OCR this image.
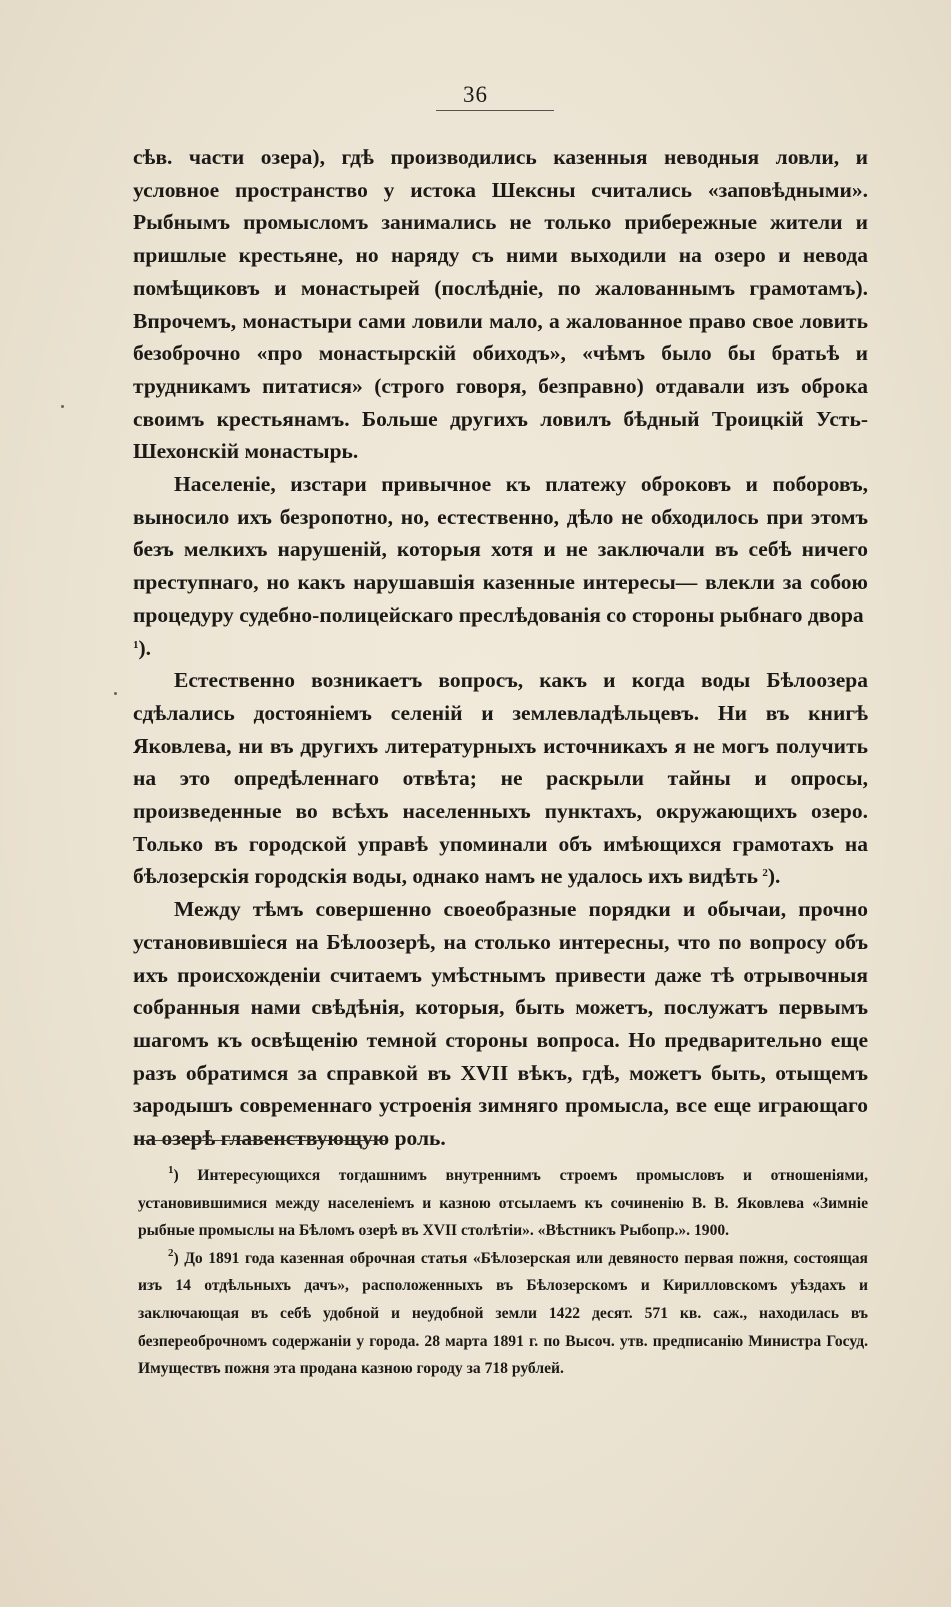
36

сѣв. части озера), гдѣ производились казенныя неводныя ловли, и условное пространство у истока Шексны считались «заповѣдными». Рыбнымъ промысломъ занимались не только прибережные жители и пришлые крестьяне, но наряду съ ними выходили на озеро и невода помѣщиковъ и монастырей (послѣдніе, по жалованнымъ грамотамъ). Впрочемъ, монастыри сами ловили мало, а жалованное право свое ловить безоброчно «про монастырскій обиходъ», «чѣмъ было бы братьѣ и трудникамъ питатися» (строго говоря, безправно) отдавали изъ оброка своимъ крестьянамъ. Больше другихъ ловилъ бѣдный Троицкій Усть-Шехонскій монастырь.

Населеніе, изстари привычное къ платежу оброковъ и поборовъ, выносило ихъ безропотно, но, естественно, дѣло не обходилось при этомъ безъ мелкихъ нарушеній, которыя хотя и не заключали въ себѣ ничего преступнаго, но какъ нарушавшія казенные интересы— влекли за собою процедуру судебно-полицейскаго преслѣдованія со стороны рыбнаго двора $^1$).

Естественно возникаетъ вопросъ, какъ и когда воды Бѣлоозера сдѣлались достояніемъ селеній и землевладѣльцевъ. Ни въ книгѣ Яковлева, ни въ другихъ литературныхъ источникахъ я не могъ получить на это опредѣленнаго отвѣта; не раскрыли тайны и опросы, произведенные во всѣхъ населенныхъ пунктахъ, окружающихъ озеро. Только въ городской управѣ упоминали объ имѣющихся грамотахъ на бѣлозерскія городскія воды, однако намъ не удалось ихъ видѣть  $^2$).

Между тѣмъ совершенно своеобразные порядки и обычаи, прочно установившіеся на Бѣлоозерѣ, на столько интересны, что по вопросу объ ихъ происхожденіи считаемъ умѣстнымъ привести даже тѣ отрывочныя собранныя нами свѣдѣнія, которыя, быть можетъ, послужатъ первымъ шагомъ къ освѣщенію темной стороны вопроса. Но предварительно еще разъ обратимся за справкой въ XVII вѣкъ, гдѣ, можетъ быть, отыщемъ зародышъ современнаго устроенія зимняго промысла, все еще играющаго на озерѣ главенствующую роль.

$^1$) Интересующихся тогдашнимъ внутреннимъ строемъ промысловъ и отношеніями, установившимися между населеніемъ и казною отсылаемъ къ сочиненію В. В. Яковлева «Зимніе рыбные промыслы на Бѣломъ озерѣ въ XVII столѣтіи». «Вѣстникъ Рыбопр.». 1900.

$^2$) До 1891 года казенная оброчная статья «Бѣлозерская или девяносто первая пожня, состоящая изъ 14 отдѣльныхъ дачъ», расположенныхъ въ Бѣлозерскомъ и Кирилловскомъ уѣздахъ и заключающая въ себѣ удобной и неудобной земли 1422 десят. 571 кв. саж., находилась въ безпереоброчномъ содержаніи у города. 28 марта 1891 г. по Высоч. утв. предписанію Министра Госуд. Имуществъ пожня эта продана казною городу за 718 рублей.
